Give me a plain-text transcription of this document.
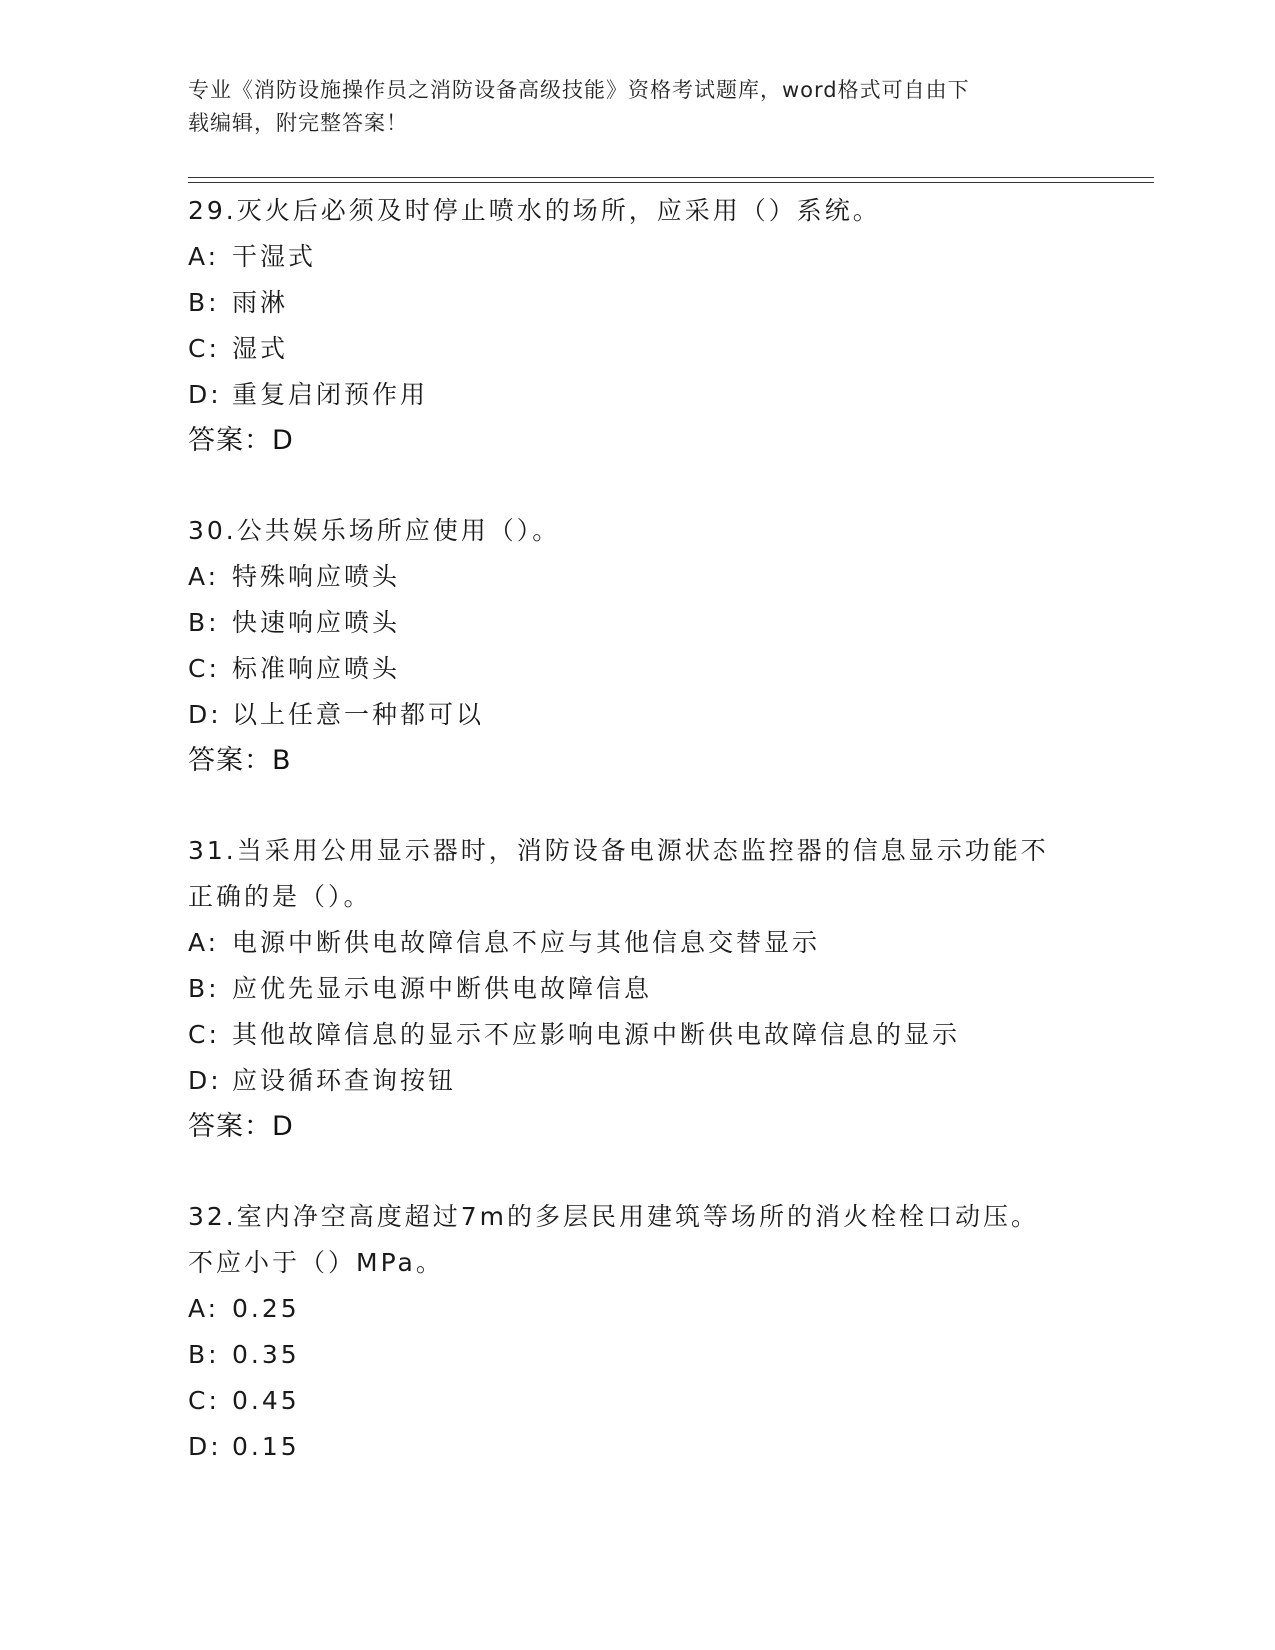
专业《消防设施操作员之消防设备高级技能》资格考试题库，word格式可自由下
载编辑，附完整答案！
29.灭火后必须及时停止喷水的场所，应采用（）系统。
A: 干湿式
B: 雨淋
C: 湿式
D: 重复启闭预作用
答案：D
30.公共娱乐场所应使用（）。
A: 特殊响应喷头
B: 快速响应喷头
C: 标准响应喷头
D: 以上任意一种都可以
答案：B
31.当采用公用显示器时，消防设备电源状态监控器的信息显示功能不
正确的是（）。
A: 电源中断供电故障信息不应与其他信息交替显示
B: 应优先显示电源中断供电故障信息
C: 其他故障信息的显示不应影响电源中断供电故障信息的显示
D: 应设循环查询按钮
答案：D
32.室内净空高度超过7m的多层民用建筑等场所的消火栓栓口动压。
不应小于（）MPa。
A: 0.25
B: 0.35
C: 0.45
D: 0.15
